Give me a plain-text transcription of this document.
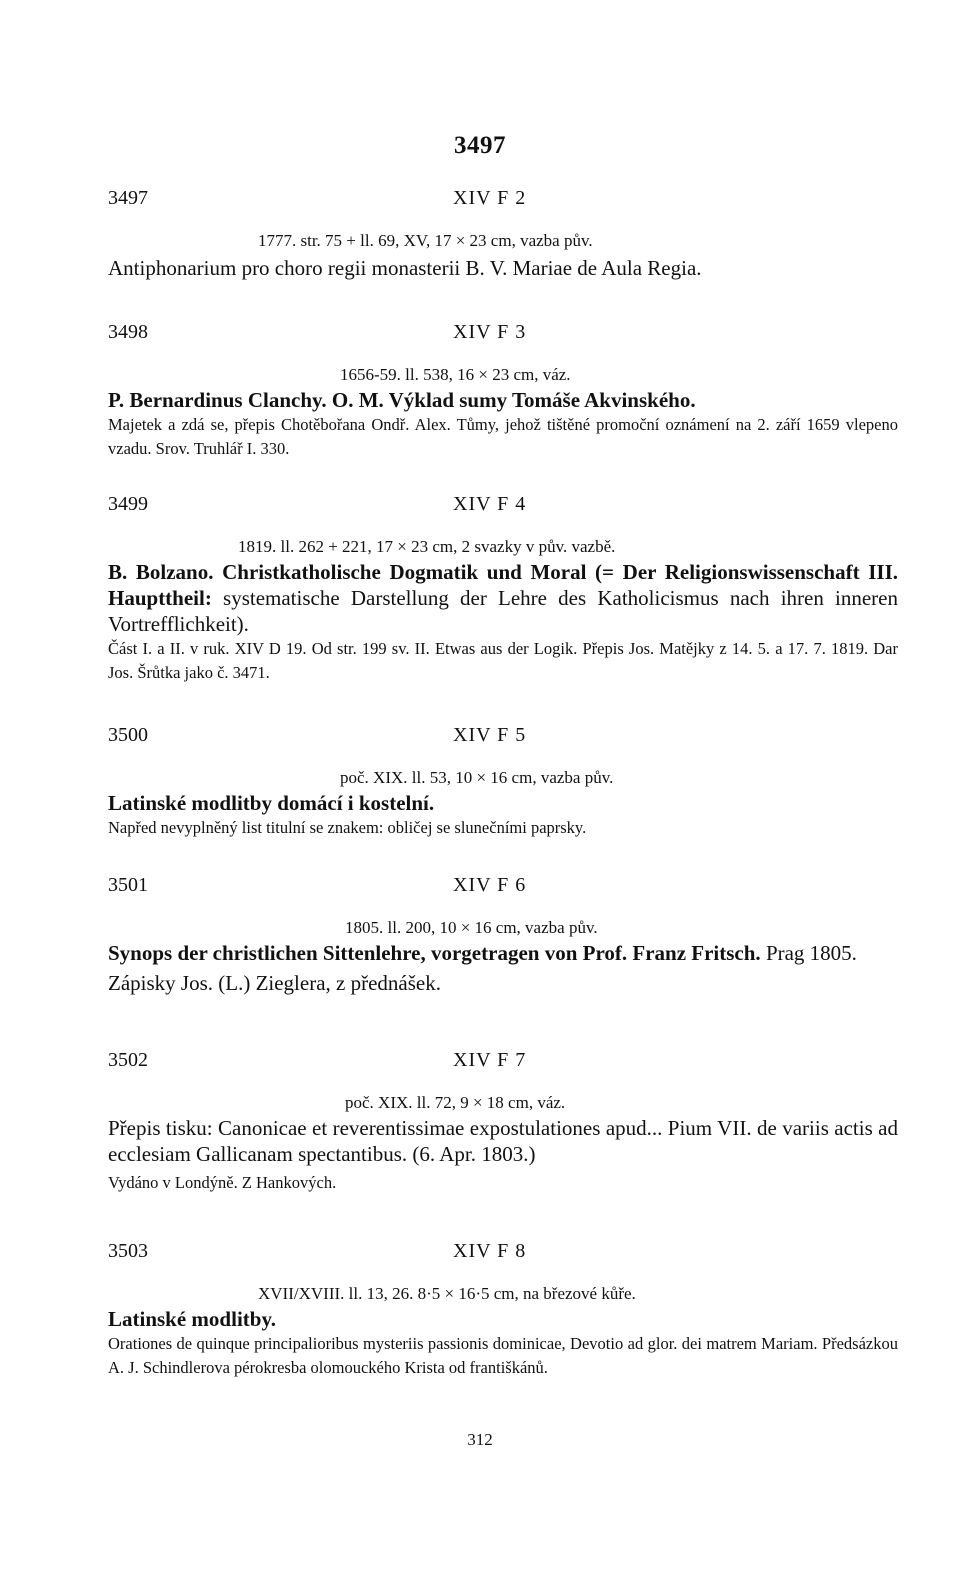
3497
3497	XIV F 2

1777. str. 75 + ll. 69, XV, 17 × 23 cm, vazba pův.

Antiphonarium pro choro regii monasterii B. V. Mariae de Aula Regia.

3498	XIV F 3

1656-59. ll. 538, 16 × 23 cm, váz.

P. Bernardinus Clanchy. O. M. Výklad sumy Tomáše Akvinského.

Majetek a zdá se, přepis Chotěbořana Ondř. Alex. Tůmy, jehož tištěné promoční oznámení na 2. září 1659 vlepeno vzadu. Srov. Truhlář I. 330.

3499	XIV F 4

1819. ll. 262 + 221, 17 × 23 cm, 2 svazky v pův. vazbě.

B. Bolzano. Christkatholische Dogmatik und Moral (= Der Religionswissenschaft III. Haupttheil: systematische Darstellung der Lehre des Katholicismus nach ihren inneren Vortrefflichkeit).

Část I. a II. v ruk. XIV D 19. Od str. 199 sv. II. Etwas aus der Logik. Přepis Jos. Matějky z 14. 5. a 17. 7. 1819. Dar Jos. Šrůtka jako č. 3471.

3500	XIV F 5

poč. XIX. ll. 53, 10 × 16 cm, vazba pův.

Latinské modlitby domácí i kostelní.

Napřed nevyplněný list titulní se znakem: obličej se slunečními paprsky.

3501	XIV F 6

1805. ll. 200, 10 × 16 cm, vazba pův.

Synops der christlichen Sittenlehre, vorgetragen von Prof. Franz Fritsch. Prag 1805.

Zápisky Jos. (L.) Zieglera, z přednášek.

3502	XIV F 7

poč. XIX. ll. 72, 9 × 18 cm, váz.

Přepis tisku: Canonicae et reverentissimae expostulationes apud... Pium VII. de variis actis ad ecclesiam Gallicanam spectantibus. (6. Apr. 1803.)

Vydáno v Londýně. Z Hankových.

3503	XIV F 8

XVII/XVIII. ll. 13, 26. 8·5 × 16·5 cm, na březové kůře.

Latinské modlitby.

Orationes de quinque principalioribus mysteriis passionis dominicae, Devotio ad glor. dei matrem Mariam. Předsázkou A. J. Schindlerova pérokresba olomouckého Krista od františkánů.

312
